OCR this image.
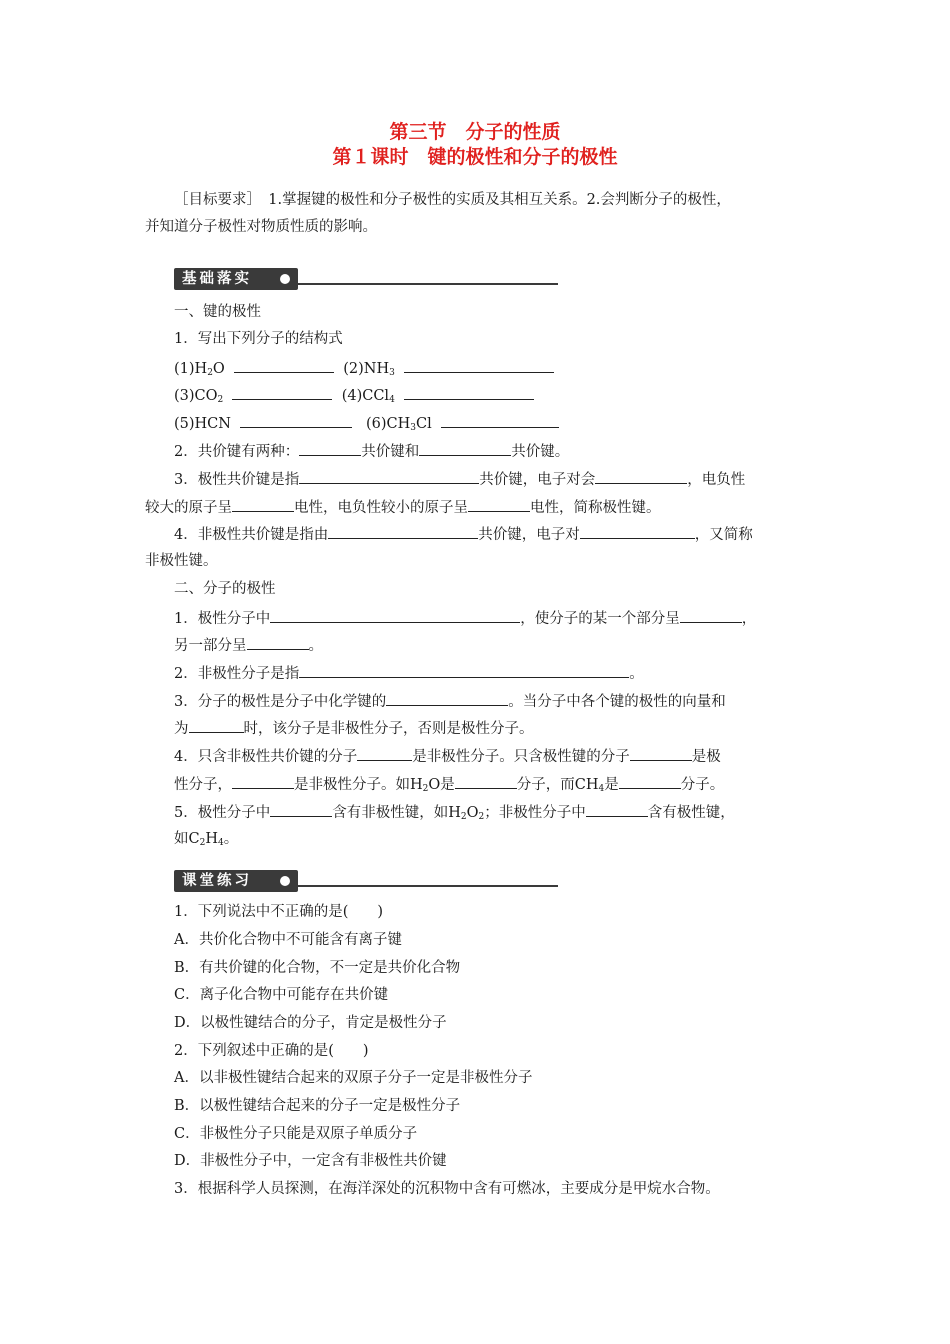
第三节　分子的性质
第１课时　键的极性和分子的极性
［目标要求］　1.掌握键的极性和分子极性的实质及其相互关系。2.会判断分子的极性，
并知道分子极性对物质性质的影响。
基础落实
一、键的极性
1．写出下列分子的结构式
$(1)H_2O$	$(2)NH_3$
$(3)CO_2$	(4)CCl$_4$
(5)HCN	$(6)CH_3Cl$
2．共价键有两种：	共价键和	共价键。
3．极性共价键是指	共价键，电子对会	，电负性
较大的原子呈	电性，电负性较小的原子呈	电性，简称极性键。
4．非极性共价键是指由	共价键，电子对	，又简称
非极性键。
二、分子的极性
1．极性分子中	，使分子的某一个部分呈	，
另一部分呈	。
2．非极性分子是指	。
3．分子的极性是分子中化学键的	。当分子中各个键的极性的向量和
为	时，该分子是非极性分子，否则是极性分子。
4．只含非极性共价键的分子	是非极性分子。只含极性键的分子	是极
性分子，	是非极性分子。如$H_2O$是	分子，而$CH_4$是	分子。
5．极性分子中	含有非极性键，如$H_2O_2$；非极性分子中	含有极性键，
如$C_2H_4$。
课堂练习
1．下列说法中不正确的是(　　)
A．共价化合物中不可能含有离子键
B．有共价键的化合物，不一定是共价化合物
C．离子化合物中可能存在共价键
D．以极性键结合的分子，肯定是极性分子
2．下列叙述中正确的是(　　)
A．以非极性键结合起来的双原子分子一定是非极性分子
B．以极性键结合起来的分子一定是极性分子
C．非极性分子只能是双原子单质分子
D．非极性分子中，一定含有非极性共价键
3．根据科学人员探测，在海洋深处的沉积物中含有可燃冰，主要成分是甲烷水合物。
